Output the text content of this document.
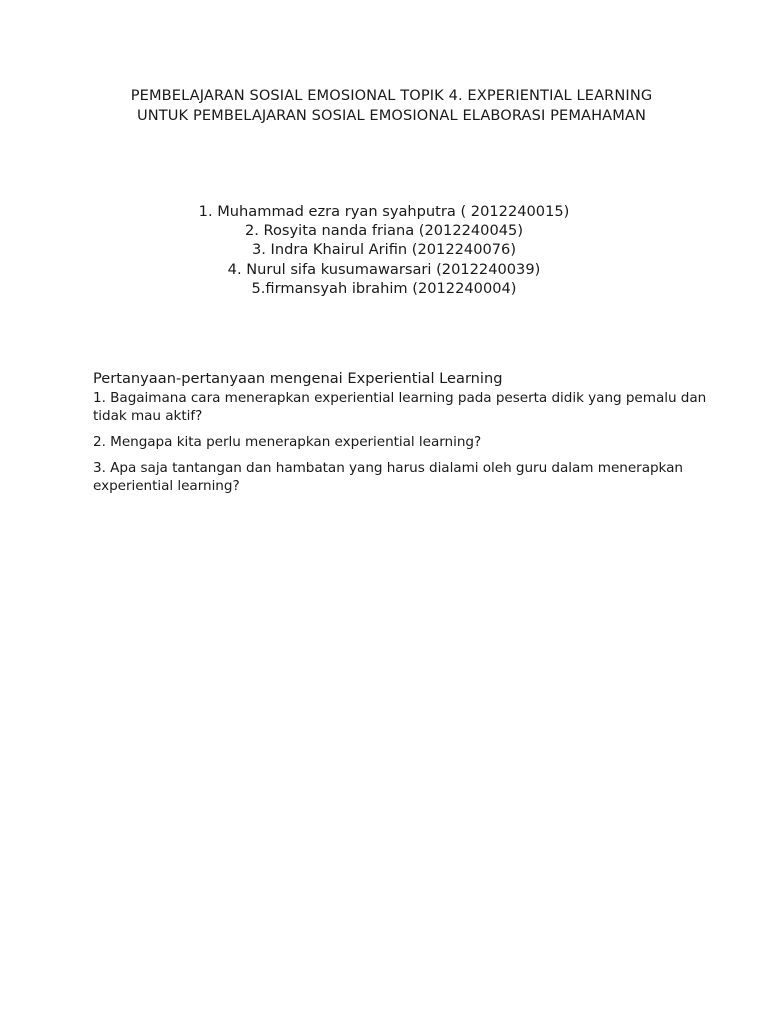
PEMBELAJARAN SOSIAL EMOSIONAL TOPIK 4. EXPERIENTIAL LEARNING
UNTUK PEMBELAJARAN SOSIAL EMOSIONAL ELABORASI PEMAHAMAN
1. Muhammad ezra ryan syahputra ( 2012240015)
2. Rosyita nanda friana (2012240045)
3. Indra Khairul Arifin (2012240076)
4. Nurul sifa kusumawarsari (2012240039)
5.firmansyah ibrahim (2012240004)

Pertanyaan-pertanyaan mengenai Experiential Learning

1. Bagaimana cara menerapkan experiential learning pada peserta didik yang pemalu dan tidak mau aktif?

2. Mengapa kita perlu menerapkan experiential learning?

3. Apa saja tantangan dan hambatan yang harus dialami oleh guru dalam menerapkan experiential learning?
